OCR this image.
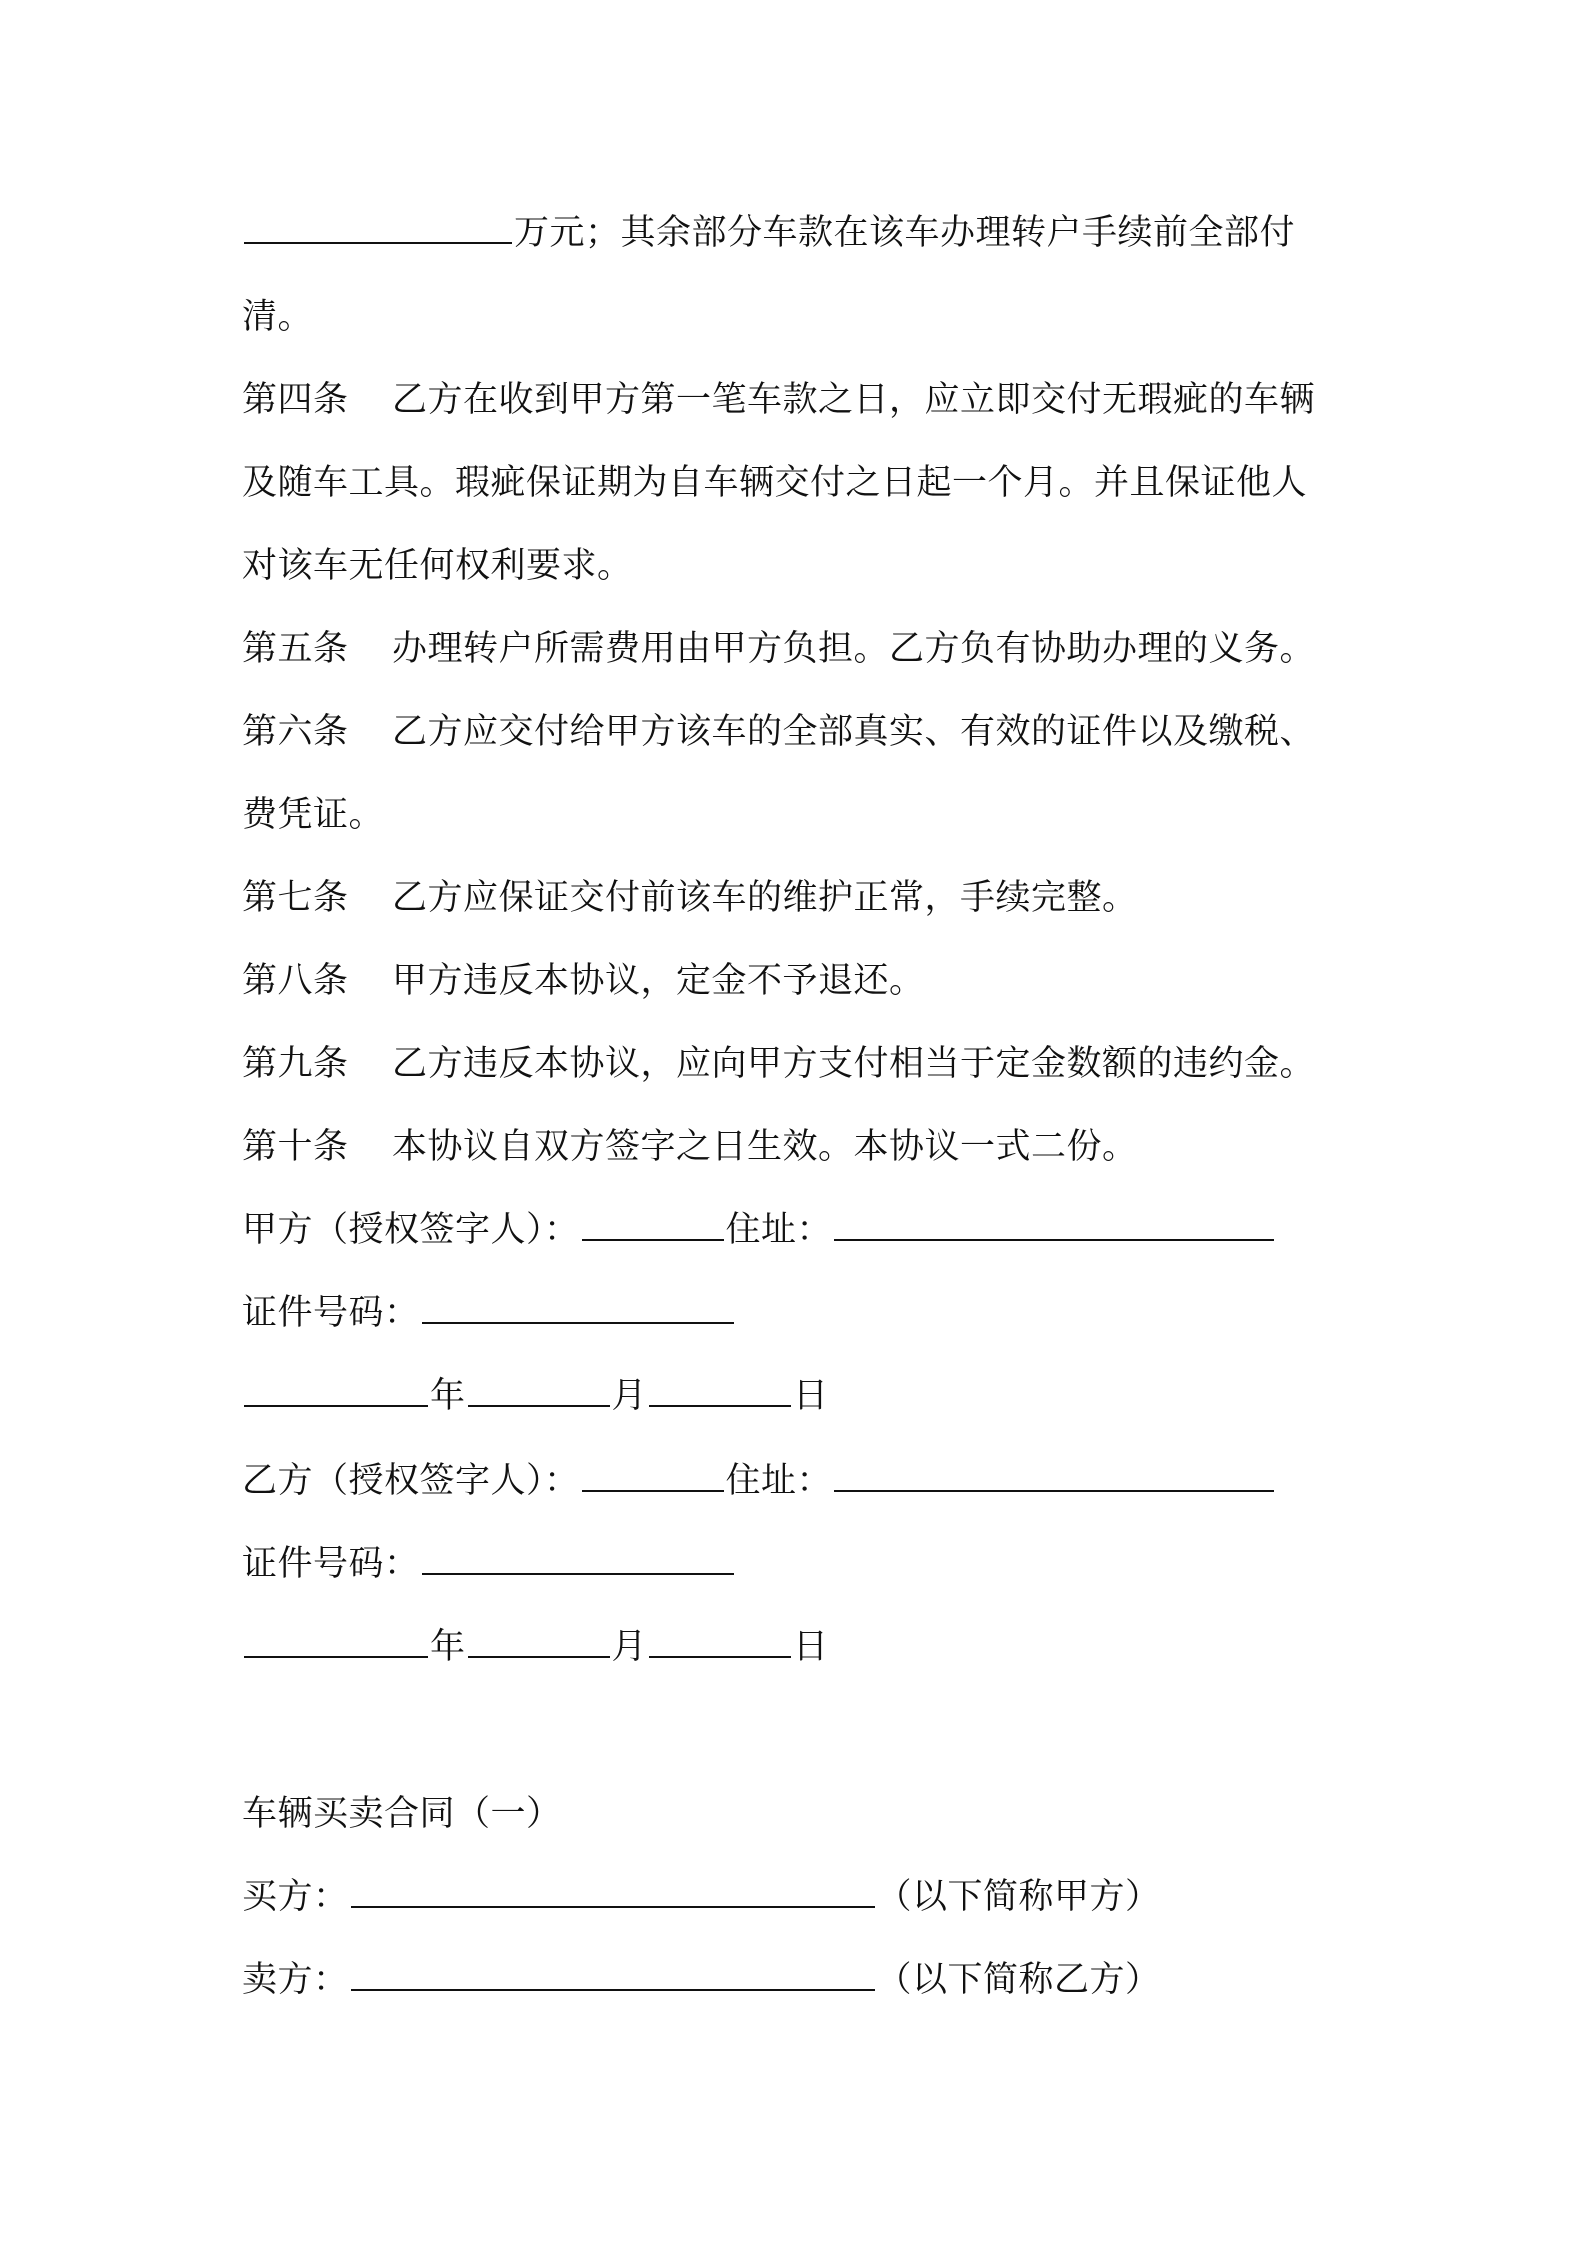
万元；其余部分车款在该车办理转户手续前全部付
清。
第四条 乙方在收到甲方第一笔车款之日，应立即交付无瑕疵的车辆
及随车工具。瑕疵保证期为自车辆交付之日起一个月。并且保证他人
对该车无任何权利要求。
第五条 办理转户所需费用由甲方负担。乙方负有协助办理的义务。
第六条 乙方应交付给甲方该车的全部真实、有效的证件以及缴税、
费凭证。
第七条 乙方应保证交付前该车的维护正常，手续完整。
第八条 甲方违反本协议，定金不予退还。
第九条 乙方违反本协议，应向甲方支付相当于定金数额的违约金。
第十条 本协议自双方签字之日生效。本协议一式二份。
甲方（授权签字人）：	住址：
证件号码：
年	月	日
乙方（授权签字人）：	住址：
证件号码：
年	月	日
车辆买卖合同（一）
买方：	（以下简称甲方）
卖方：	（以下简称乙方）
